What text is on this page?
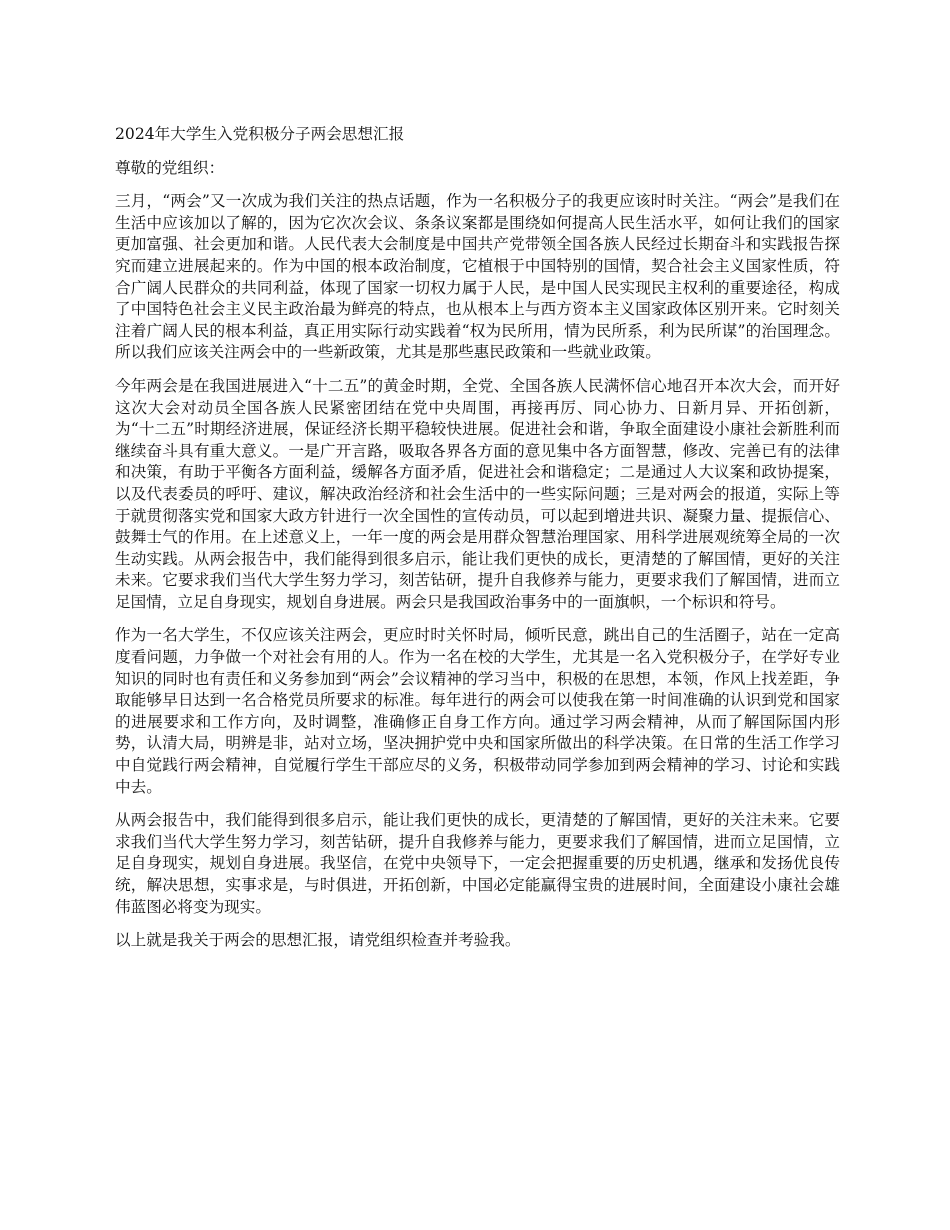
2024年大学生入党积极分子两会思想汇报

尊敬的党组织：

三月，“两会”又一次成为我们关注的热点话题，作为一名积极分子的我更应该时时关注。“两会”是我们在生活中应该加以了解的，因为它次次会议、条条议案都是围绕如何提高人民生活水平，如何让我们的国家更加富强、社会更加和谐。人民代表大会制度是中国共产党带领全国各族人民经过长期奋斗和实践报告探究而建立进展起来的。作为中国的根本政治制度，它植根于中国特别的国情，契合社会主义国家性质，符合广阔人民群众的共同利益，体现了国家一切权力属于人民，是中国人民实现民主权利的重要途径，构成了中国特色社会主义民主政治最为鲜亮的特点，也从根本上与西方资本主义国家政体区别开来。它时刻关注着广阔人民的根本利益，真正用实际行动实践着“权为民所用，情为民所系，利为民所谋”的治国理念。所以我们应该关注两会中的一些新政策，尤其是那些惠民政策和一些就业政策。

今年两会是在我国进展进入“十二五”的黄金时期，全党、全国各族人民满怀信心地召开本次大会，而开好这次大会对动员全国各族人民紧密团结在党中央周围，再接再厉、同心协力、日新月异、开拓创新，为“十二五”时期经济进展，保证经济长期平稳较快进展。促进社会和谐，争取全面建设小康社会新胜利而继续奋斗具有重大意义。一是广开言路，吸取各界各方面的意见集中各方面智慧，修改、完善已有的法律和决策，有助于平衡各方面利益，缓解各方面矛盾，促进社会和谐稳定；二是通过人大议案和政协提案，以及代表委员的呼吁、建议，解决政治经济和社会生活中的一些实际问题；三是对两会的报道，实际上等于就贯彻落实党和国家大政方针进行一次全国性的宣传动员，可以起到增进共识、凝聚力量、提振信心、鼓舞士气的作用。在上述意义上，一年一度的两会是用群众智慧治理国家、用科学进展观统筹全局的一次生动实践。从两会报告中，我们能得到很多启示，能让我们更快的成长，更清楚的了解国情，更好的关注未来。它要求我们当代大学生努力学习，刻苦钻研，提升自我修养与能力，更要求我们了解国情，进而立足国情，立足自身现实，规划自身进展。两会只是我国政治事务中的一面旗帜，一个标识和符号。

作为一名大学生，不仅应该关注两会，更应时时关怀时局，倾听民意，跳出自己的生活圈子，站在一定高度看问题，力争做一个对社会有用的人。作为一名在校的大学生，尤其是一名入党积极分子，在学好专业知识的同时也有责任和义务参加到“两会”会议精神的学习当中，积极的在思想，本领，作风上找差距，争取能够早日达到一名合格党员所要求的标准。每年进行的两会可以使我在第一时间准确的认识到党和国家的进展要求和工作方向，及时调整，准确修正自身工作方向。通过学习两会精神，从而了解国际国内形势，认清大局，明辨是非，站对立场，坚决拥护党中央和国家所做出的科学决策。在日常的生活工作学习中自觉践行两会精神，自觉履行学生干部应尽的义务，积极带动同学参加到两会精神的学习、讨论和实践中去。

从两会报告中，我们能得到很多启示，能让我们更快的成长，更清楚的了解国情，更好的关注未来。它要求我们当代大学生努力学习，刻苦钻研，提升自我修养与能力，更要求我们了解国情，进而立足国情，立足自身现实，规划自身进展。我坚信，在党中央领导下，一定会把握重要的历史机遇，继承和发扬优良传统，解决思想，实事求是，与时俱进，开拓创新，中国必定能赢得宝贵的进展时间，全面建设小康社会雄伟蓝图必将变为现实。

以上就是我关于两会的思想汇报，请党组织检查并考验我。
